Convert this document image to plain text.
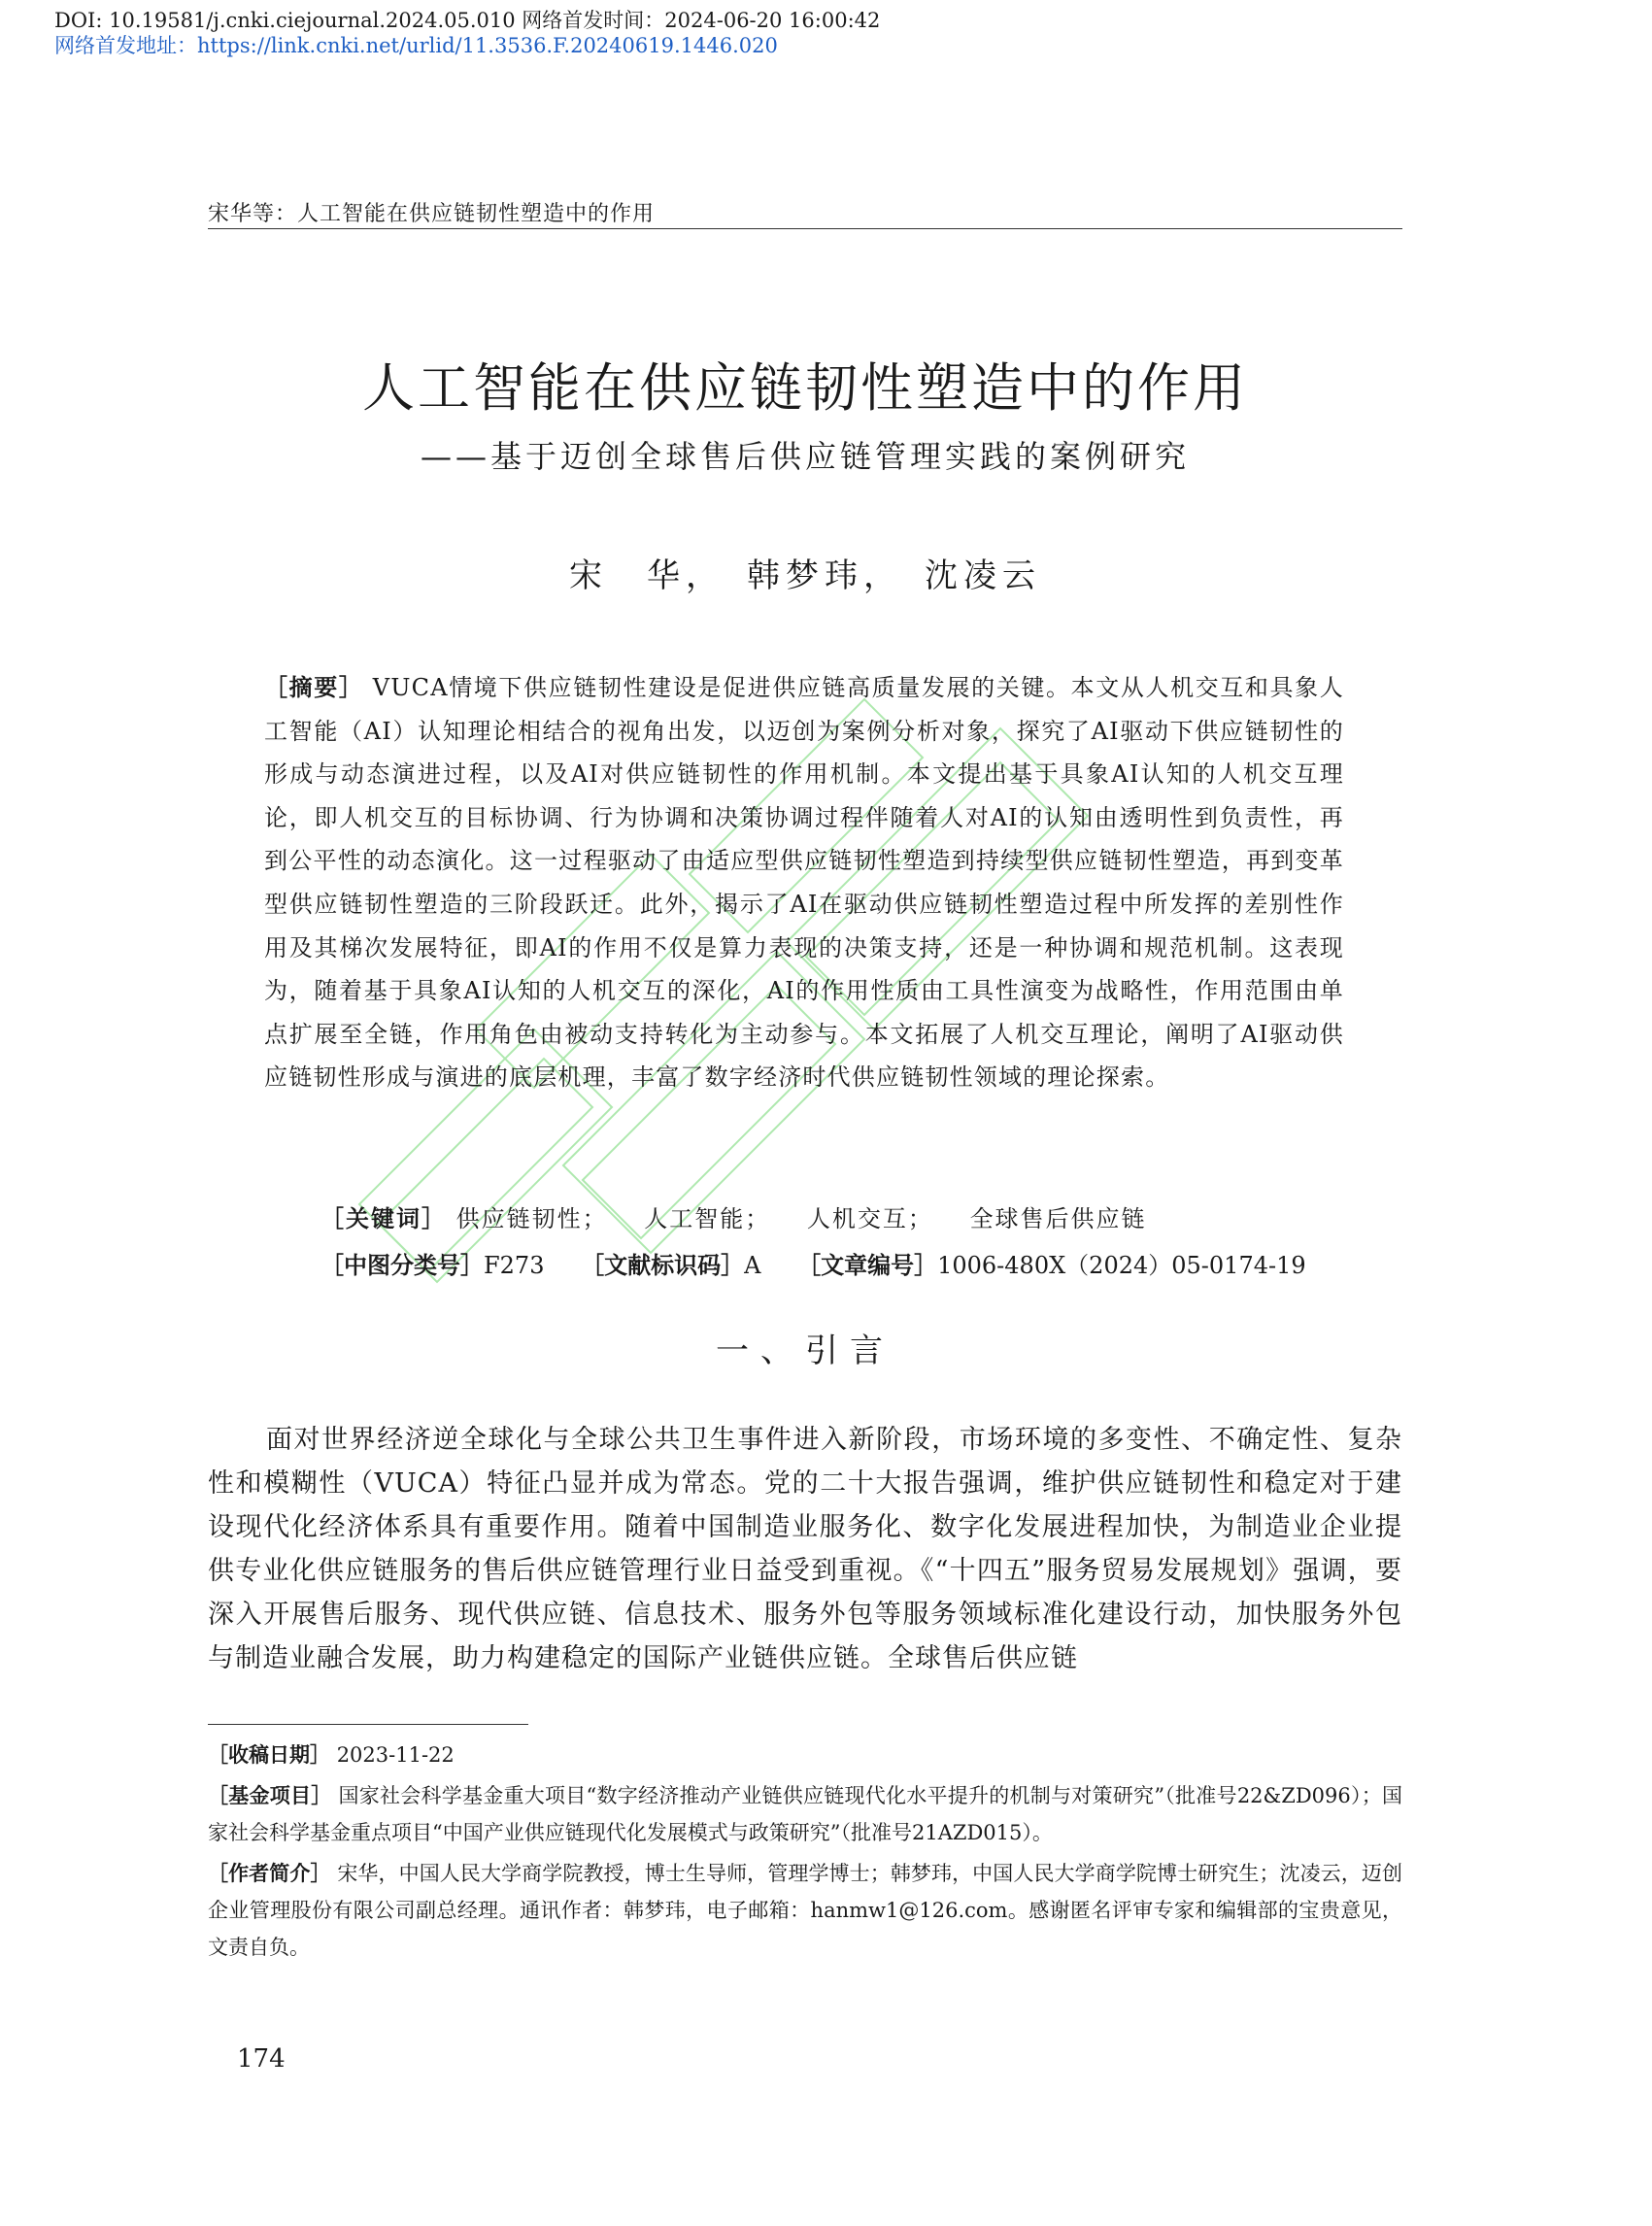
DOI: 10.19581/j.cnki.ciejournal.2024.05.010 网络首发时间：2024-06-20 16:00:42
网络首发地址：https://link.cnki.net/urlid/11.3536.F.20240619.1446.020
宋华等：人工智能在供应链韧性塑造中的作用
人工智能在供应链韧性塑造中的作用
——基于迈创全球售后供应链管理实践的案例研究
宋　华，　韩梦玮，　沈凌云
［摘要］ VUCA情境下供应链韧性建设是促进供应链高质量发展的关键。本文从人机交互和具象人工智能（AI）认知理论相结合的视角出发，以迈创为案例分析对象，探究了AI驱动下供应链韧性的形成与动态演进过程，以及AI对供应链韧性的作用机制。本文提出基于具象AI认知的人机交互理论，即人机交互的目标协调、行为协调和决策协调过程伴随着人对AI的认知由透明性到负责性，再到公平性的动态演化。这一过程驱动了由适应型供应链韧性塑造到持续型供应链韧性塑造，再到变革型供应链韧性塑造的三阶段跃迁。此外，揭示了AI在驱动供应链韧性塑造过程中所发挥的差别性作用及其梯次发展特征，即AI的作用不仅是算力表现的决策支持，还是一种协调和规范机制。这表现为，随着基于具象AI认知的人机交互的深化，AI的作用性质由工具性演变为战略性，作用范围由单点扩展至全链，作用角色由被动支持转化为主动参与。本文拓展了人机交互理论，阐明了AI驱动供应链韧性形成与演进的底层机理，丰富了数字经济时代供应链韧性领域的理论探索。
［关键词］ 供应链韧性； 人工智能； 人机交互； 全球售后供应链
［中图分类号］F273 ［文献标识码］A ［文章编号］1006-480X（2024）05-0174-19
一、引言
面对世界经济逆全球化与全球公共卫生事件进入新阶段，市场环境的多变性、不确定性、复杂性和模糊性（VUCA）特征凸显并成为常态。党的二十大报告强调，维护供应链韧性和稳定对于建设现代化经济体系具有重要作用。随着中国制造业服务化、数字化发展进程加快，为制造业企业提供专业化供应链服务的售后供应链管理行业日益受到重视。《“十四五”服务贸易发展规划》强调，要深入开展售后服务、现代供应链、信息技术、服务外包等服务领域标准化建设行动，加快服务外包与制造业融合发展，助力构建稳定的国际产业链供应链。全球售后供应链

［收稿日期］ 2023-11-22

［基金项目］ 国家社会科学基金重大项目“数字经济推动产业链供应链现代化水平提升的机制与对策研究”（批准号22&ZD096）；国家社会科学基金重点项目“中国产业供应链现代化发展模式与政策研究”（批准号21AZD015）。

［作者简介］ 宋华，中国人民大学商学院教授，博士生导师，管理学博士；韩梦玮，中国人民大学商学院博士研究生；沈凌云，迈创企业管理股份有限公司副总经理。通讯作者：韩梦玮，电子邮箱：hanmw1@126.com。感谢匿名评审专家和编辑部的宝贵意见，文责自负。

174
